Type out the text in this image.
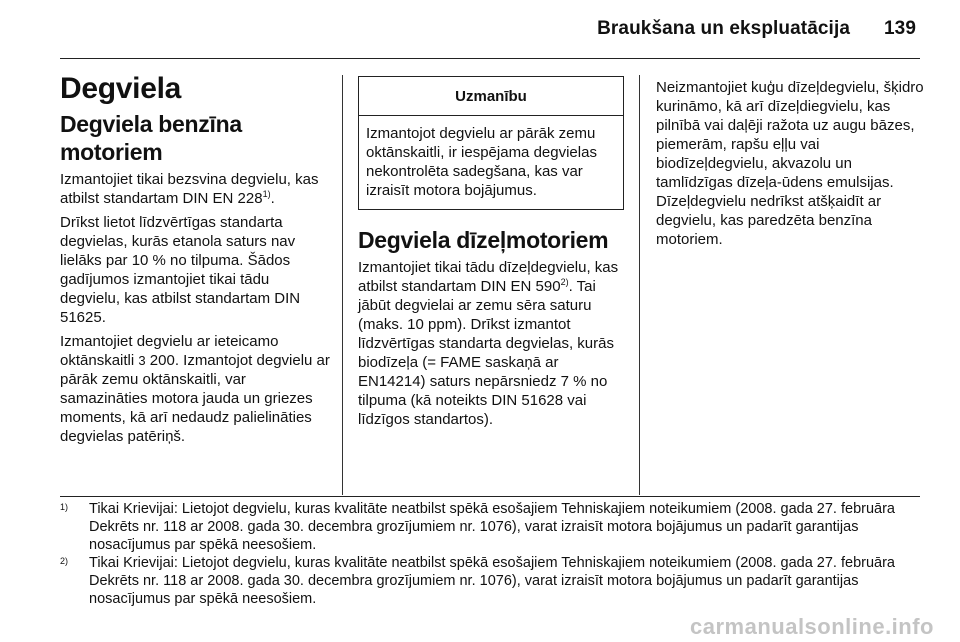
Braukšana un ekspluatācija 139
Degviela
Degviela benzīna motoriem

Izmantojiet tikai bezsvina degvielu, kas atbilst standartam DIN EN 228$^{1)}$.

Drīkst lietot līdzvērtīgas standarta degvielas, kurās etanola saturs nav lielāks par 10 % no tilpuma. Šādos gadījumos izmantojiet tikai tādu degvielu, kas atbilst standartam DIN 51625.

Izmantojiet degvielu ar ieteicamo oktānskaitli 3 200. Izmantojot degvielu ar pārāk zemu oktānskaitli, var samazināties motora jauda un griezes moments, kā arī nedaudz palielināties degvielas patēriņš.

Uzmanību
Izmantojot degvielu ar pārāk zemu oktānskaitli, ir iespējama degvielas nekontrolēta sadegšana, kas var izraisīt motora bojājumus.
Degviela dīzeļmotoriem

Izmantojiet tikai tādu dīzeļdegvielu, kas atbilst standartam DIN EN 590$^{2)}$. Tai jābūt degvielai ar zemu sēra saturu (maks. 10 ppm). Drīkst izmantot līdzvērtīgas standarta degvielas, kurās biodīzeļa (= FAME saskaņā ar EN14214) saturs nepārsniedz 7 % no tilpuma (kā noteikts DIN 51628 vai līdzīgos standartos).

Neizmantojiet kuģu dīzeļdegvielu, šķidro kurināmo, kā arī dīzeļdiegvielu, kas pilnībā vai daļēji ražota uz augu bāzes, piemerām, rapšu eļļu vai biodīzeļdegvielu, akvazolu un tamlīdzīgas dīzeļa-ūdens emulsijas. Dīzeļdegvielu nedrīkst atšķaidīt ar degvielu, kas paredzēta benzīna motoriem.

1) Tikai Krievijai: Lietojot degvielu, kuras kvalitāte neatbilst spēkā esošajiem Tehniskajiem noteikumiem (2008. gada 27. februāra Dekrēts nr. 118 ar 2008. gada 30. decembra grozījumiem nr. 1076), varat izraisīt motora bojājumus un padarīt garantijas nosacījumus par spēkā neesošiem.
2) Tikai Krievijai: Lietojot degvielu, kuras kvalitāte neatbilst spēkā esošajiem Tehniskajiem noteikumiem (2008. gada 27. februāra Dekrēts nr. 118 ar 2008. gada 30. decembra grozījumiem nr. 1076), varat izraisīt motora bojājumus un padarīt garantijas nosacījumus par spēkā neesošiem.
carmanualsonline.info
